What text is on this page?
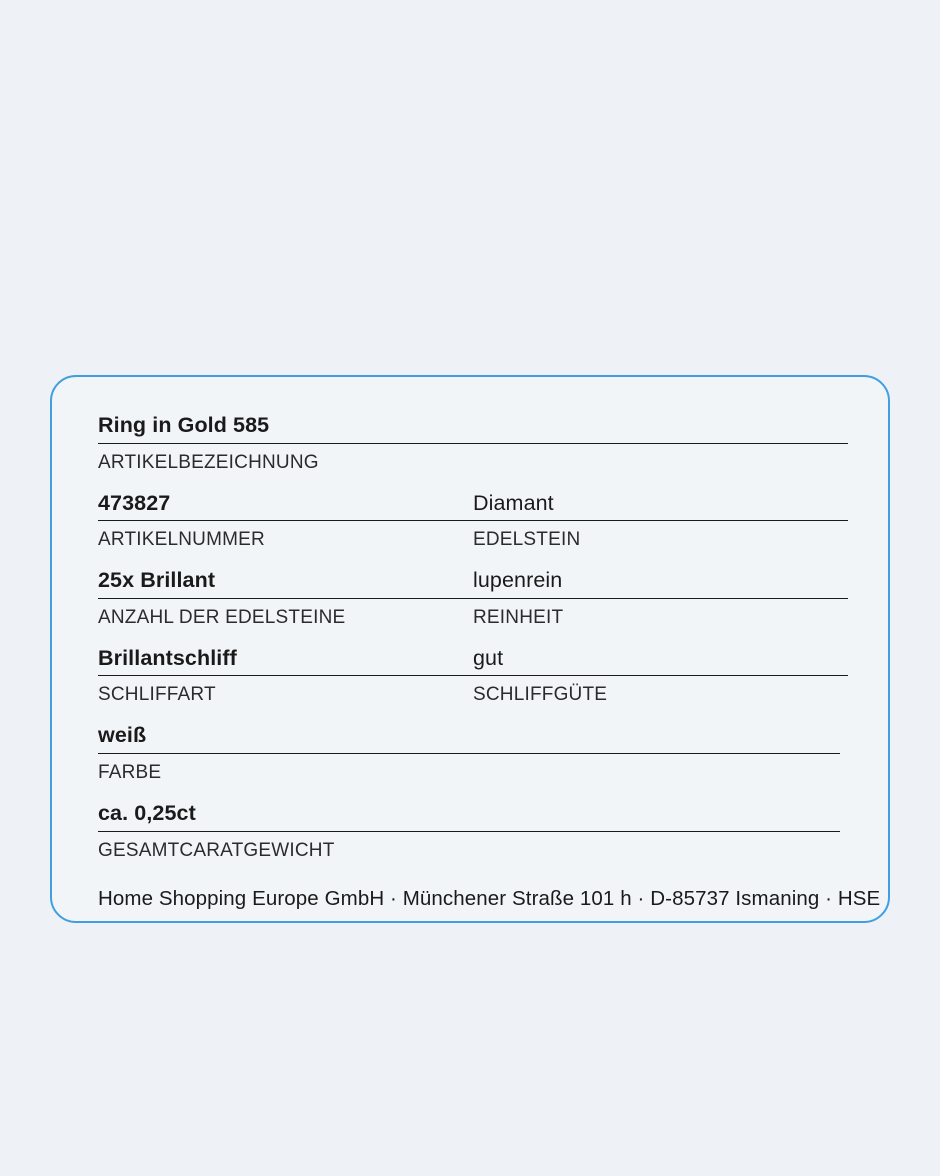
Ring in Gold 585
ARTIKELBEZEICHNUNG
473827	Diamant
ARTIKELNUMMER	EDELSTEIN
25x Brillant	lupenrein
ANZAHL DER EDELSTEINE	REINHEIT
Brillantschliff	gut
SCHLIFFART	SCHLIFFGÜTE
weiß
FARBE
ca. 0,25ct
GESAMTCARATGEWICHT
Home Shopping Europe GmbH · Münchener Straße 101 h · D-85737 Ismaning · HSE
